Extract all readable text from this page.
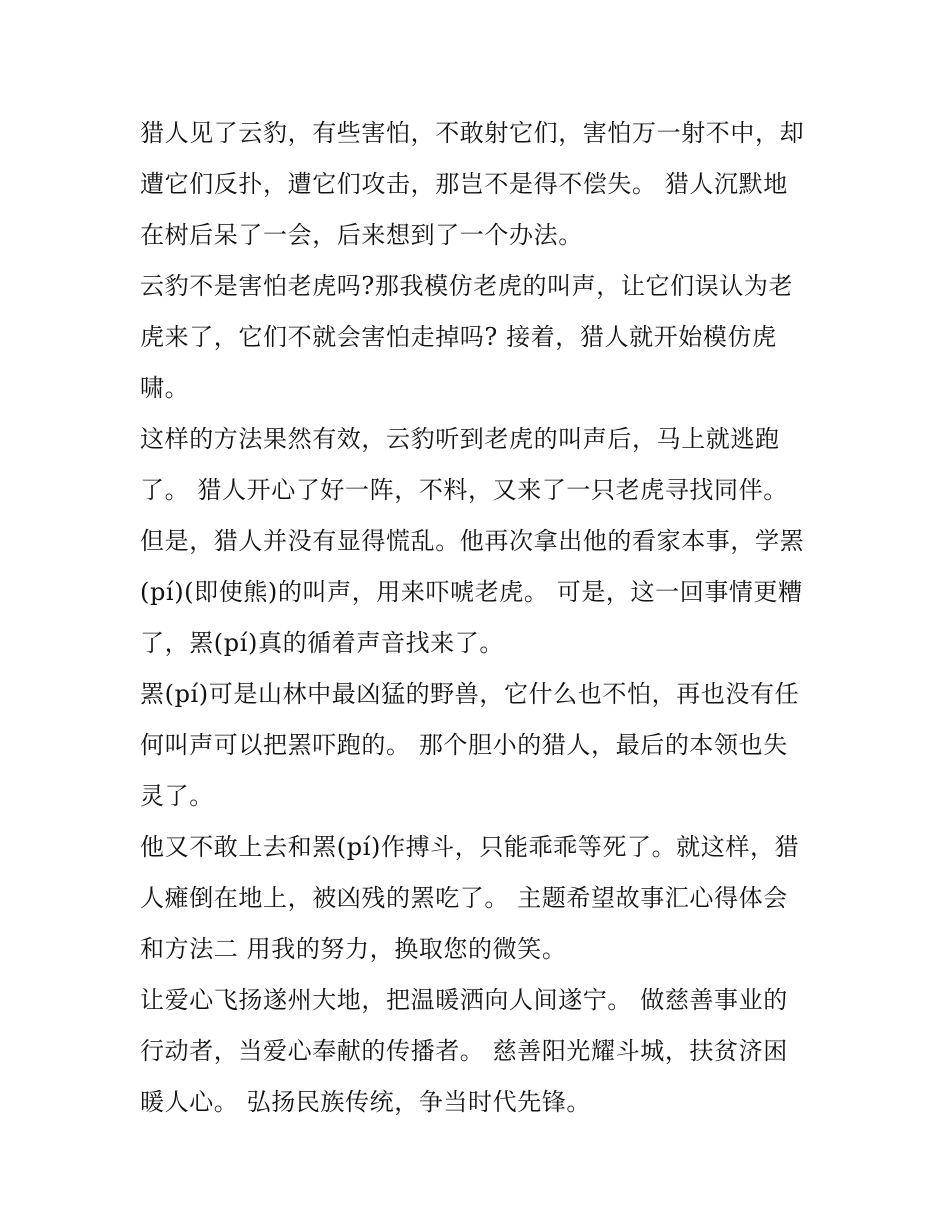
猎人见了云豹，有些害怕，不敢射它们，害怕万一射不中，却
遭它们反扑，遭它们攻击，那岂不是得不偿失。 猎人沉默地
在树后呆了一会，后来想到了一个办法。
云豹不是害怕老虎吗?那我模仿老虎的叫声，让它们误认为老
虎来了，它们不就会害怕走掉吗? 接着，猎人就开始模仿虎
啸。
这样的方法果然有效，云豹听到老虎的叫声后，马上就逃跑
了。 猎人开心了好一阵，不料，又来了一只老虎寻找同伴。
但是，猎人并没有显得慌乱。他再次拿出他的看家本事，学罴
(pí)(即使熊)的叫声，用来吓唬老虎。 可是，这一回事情更糟
了，罴(pí)真的循着声音找来了。
罴(pí)可是山林中最凶猛的野兽，它什么也不怕，再也没有任
何叫声可以把罴吓跑的。 那个胆小的猎人，最后的本领也失
灵了。
他又不敢上去和罴(pí)作搏斗，只能乖乖等死了。就这样，猎
人瘫倒在地上，被凶残的罴吃了。 主题希望故事汇心得体会
和方法二 用我的努力，换取您的微笑。
让爱心飞扬遂州大地，把温暖洒向人间遂宁。 做慈善事业的
行动者，当爱心奉献的传播者。 慈善阳光耀斗城，扶贫济困
暖人心。 弘扬民族传统，争当时代先锋。
